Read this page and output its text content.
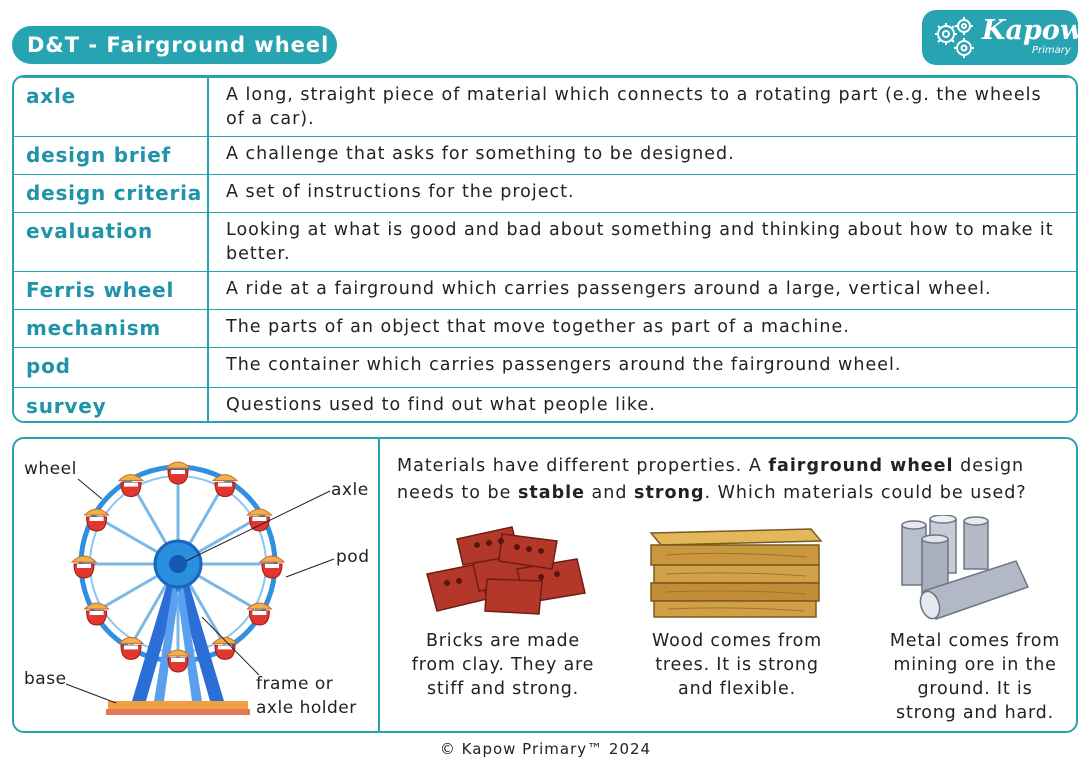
D&T - Fairground wheel	Kapow
Primary
axle	A long, straight piece of material which connects to a rotating part (e.g. the wheels of a car).
design brief	A challenge that asks for something to be designed.
design criteria A set of instructions for the project.
evaluation	Looking at what is good and bad about something and thinking about how to make it better.
Ferris wheel	A ride at a fairground which carries passengers around a large, vertical wheel.
mechanism	The parts of an object that move together as part of a machine.
pod	The container which carries passengers around the fairground wheel.
survey	Questions used to find out what people like.
wheel
axle
pod
base	frame or
axle holder
Materials have different properties. A fairground wheel design needs to be stable and strong. Which materials could be used?
Bricks are made
from clay. They are
stiff and strong.
Wood comes from
trees. It is strong
and flexible.
Metal comes from
mining ore in the
ground. It is
strong and hard.
© Kapow Primary™ 2024
